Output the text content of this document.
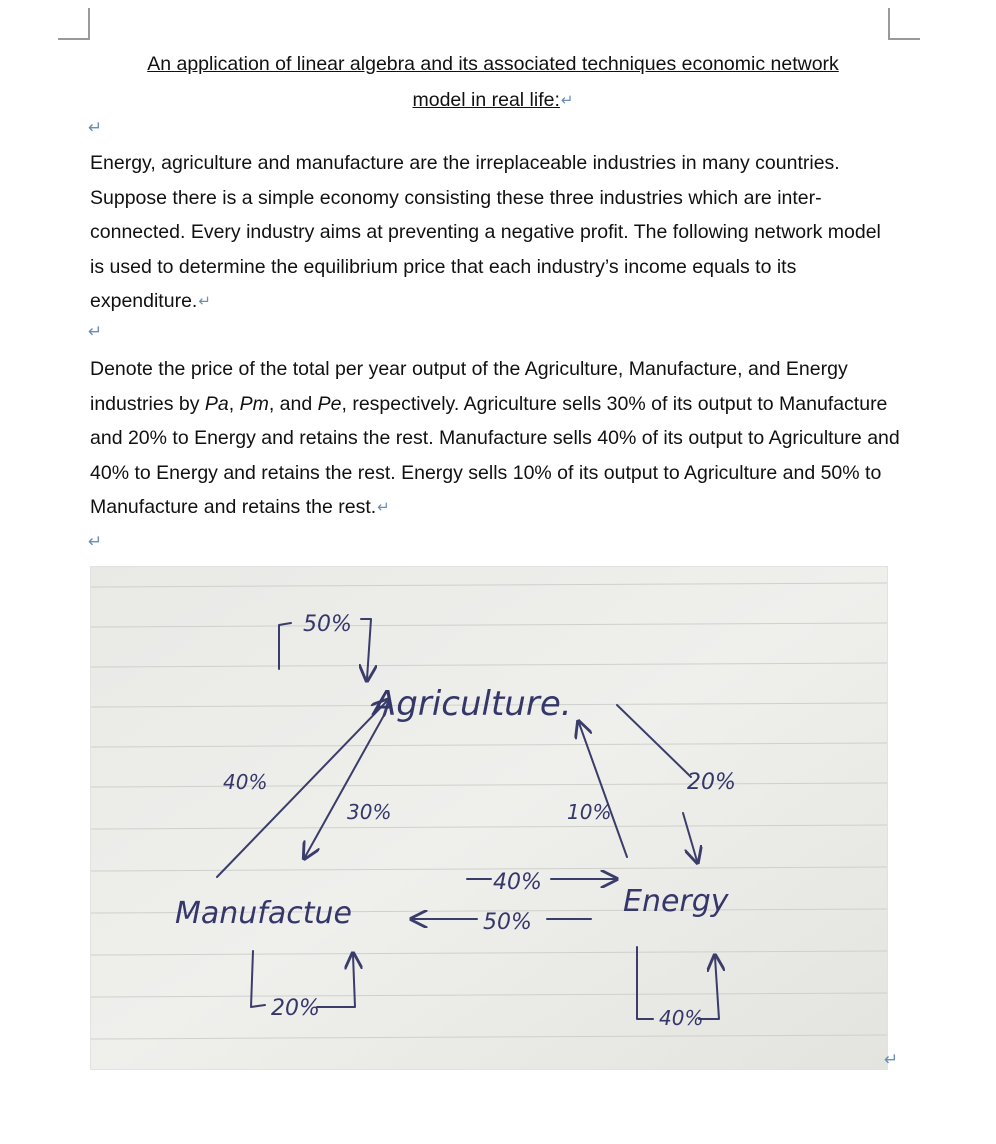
An application of linear algebra and its associated techniques economic network
model in real life:↵
↵

Energy, agriculture and manufacture are the irreplaceable industries in many countries. Suppose there is a simple economy consisting these three industries which are inter-connected. Every industry aims at preventing a negative profit. The following network model is used to determine the equilibrium price that each industry’s income equals to its expenditure.↵

↵

Denote the price of the total per year output of the Agriculture, Manufacture, and Energy industries by Pa, Pm, and Pe, respectively. Agriculture sells 30% of its output to Manufacture and 20% to Energy and retains the rest. Manufacture sells 40% of its output to Agriculture and 40% to Energy and retains the rest. Energy sells 10% of its output to Agriculture and 50% to Manufacture and retains the rest.↵

↵
Agriculture.
Manufactue	Energy
50%
40%
30%	10%
20%
40%
50%
20%	40%
↵
